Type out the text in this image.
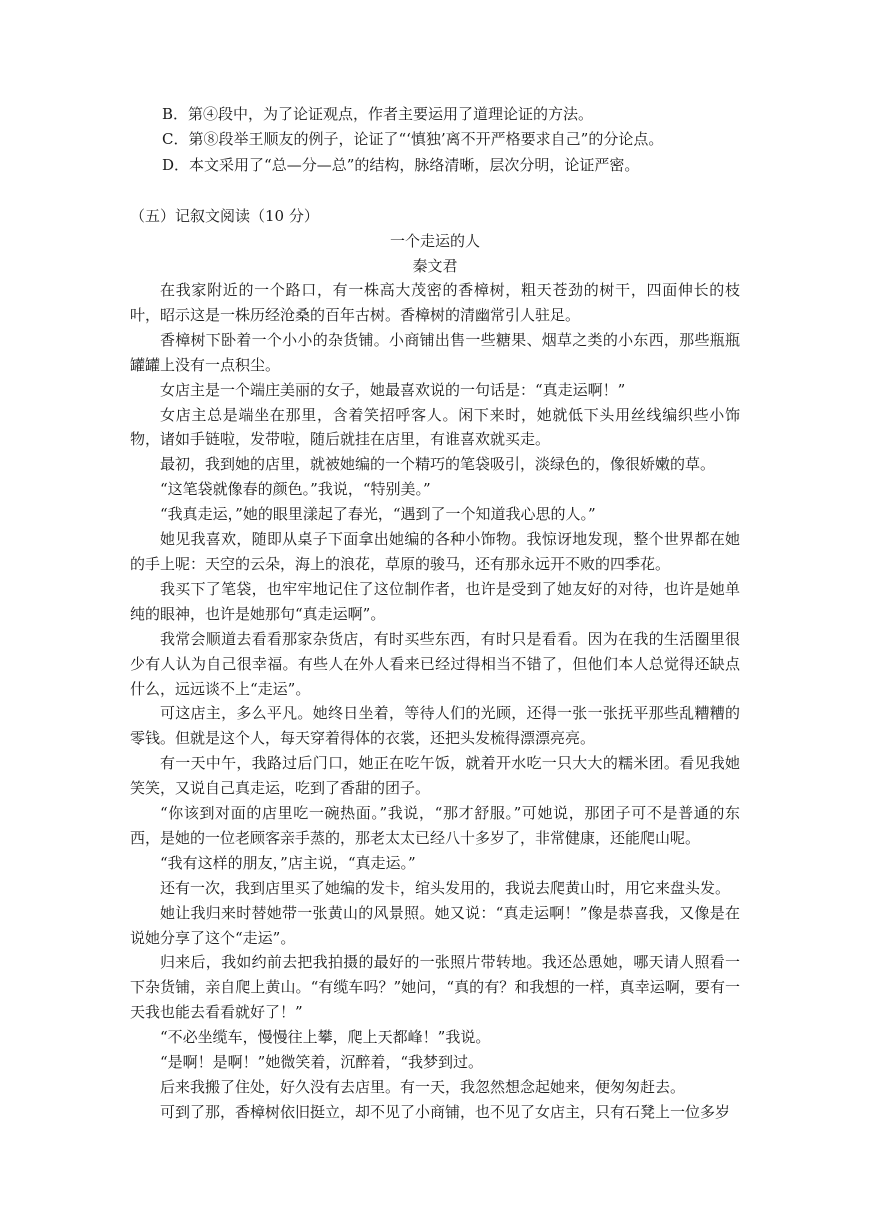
B．第④段中，为了论证观点，作者主要运用了道理论证的方法。
C．第⑧段举王顺友的例子，论证了“‘慎独’离不开严格要求自己”的分论点。
D．本文采用了“总—分—总”的结构，脉络清晰，层次分明，论证严密。
（五）记叙文阅读（10 分）
一个走运的人
秦文君

在我家附近的一个路口，有一株高大茂密的香樟树，粗天苍劲的树干，四面伸长的枝叶，昭示这是一株历经沧桑的百年古树。香樟树的清幽常引人驻足。

香樟树下卧着一个小小的杂货铺。小商铺出售一些糖果、烟草之类的小东西，那些瓶瓶罐罐上没有一点积尘。

女店主是一个端庄美丽的女子，她最喜欢说的一句话是：“真走运啊！”

女店主总是端坐在那里，含着笑招呼客人。闲下来时，她就低下头用丝线编织些小饰物，诸如手链啦，发带啦，随后就挂在店里，有谁喜欢就买走。

最初，我到她的店里，就被她编的一个精巧的笔袋吸引，淡绿色的，像很娇嫩的草。

“这笔袋就像春的颜色。”我说，“特别美。”

“我真走运，”她的眼里漾起了春光，“遇到了一个知道我心思的人。”

她见我喜欢，随即从桌子下面拿出她编的各种小饰物。我惊讶地发现，整个世界都在她的手上呢：天空的云朵，海上的浪花，草原的骏马，还有那永远开不败的四季花。

我买下了笔袋，也牢牢地记住了这位制作者，也许是受到了她友好的对待，也许是她单纯的眼神，也许是她那句“真走运啊”。

我常会顺道去看看那家杂货店，有时买些东西，有时只是看看。因为在我的生活圈里很少有人认为自己很幸福。有些人在外人看来已经过得相当不错了，但他们本人总觉得还缺点什么，远远谈不上“走运”。

可这店主，多么平凡。她终日坐着，等待人们的光顾，还得一张一张抚平那些乱糟糟的零钱。但就是这个人，每天穿着得体的衣裳，还把头发梳得漂漂亮亮。

有一天中午，我路过后门口，她正在吃午饭，就着开水吃一只大大的糯米团。看见我她笑笑，又说自己真走运，吃到了香甜的团子。

“你该到对面的店里吃一碗热面。”我说，“那才舒服。”可她说，那团子可不是普通的东西，是她的一位老顾客亲手蒸的，那老太太已经八十多岁了，非常健康，还能爬山呢。

“我有这样的朋友，”店主说，“真走运。”

还有一次，我到店里买了她编的发卡，绾头发用的，我说去爬黄山时，用它来盘头发。

她让我归来时替她带一张黄山的风景照。她又说：“真走运啊！”像是恭喜我，又像是在说她分享了这个“走运”。

归来后，我如约前去把我拍摄的最好的一张照片带转地。我还怂恿她，哪天请人照看一下杂货铺，亲自爬上黄山。“有缆车吗？”她问，“真的有？和我想的一样，真幸运啊，要有一天我也能去看看就好了！”

“不必坐缆车，慢慢往上攀，爬上天都峰！”我说。

“是啊！是啊！”她微笑着，沉醉着，“我梦到过。

后来我搬了住处，好久没有去店里。有一天，我忽然想念起她来，便匆匆赶去。

可到了那，香樟树依旧挺立，却不见了小商铺，也不见了女店主，只有石凳上一位多岁
